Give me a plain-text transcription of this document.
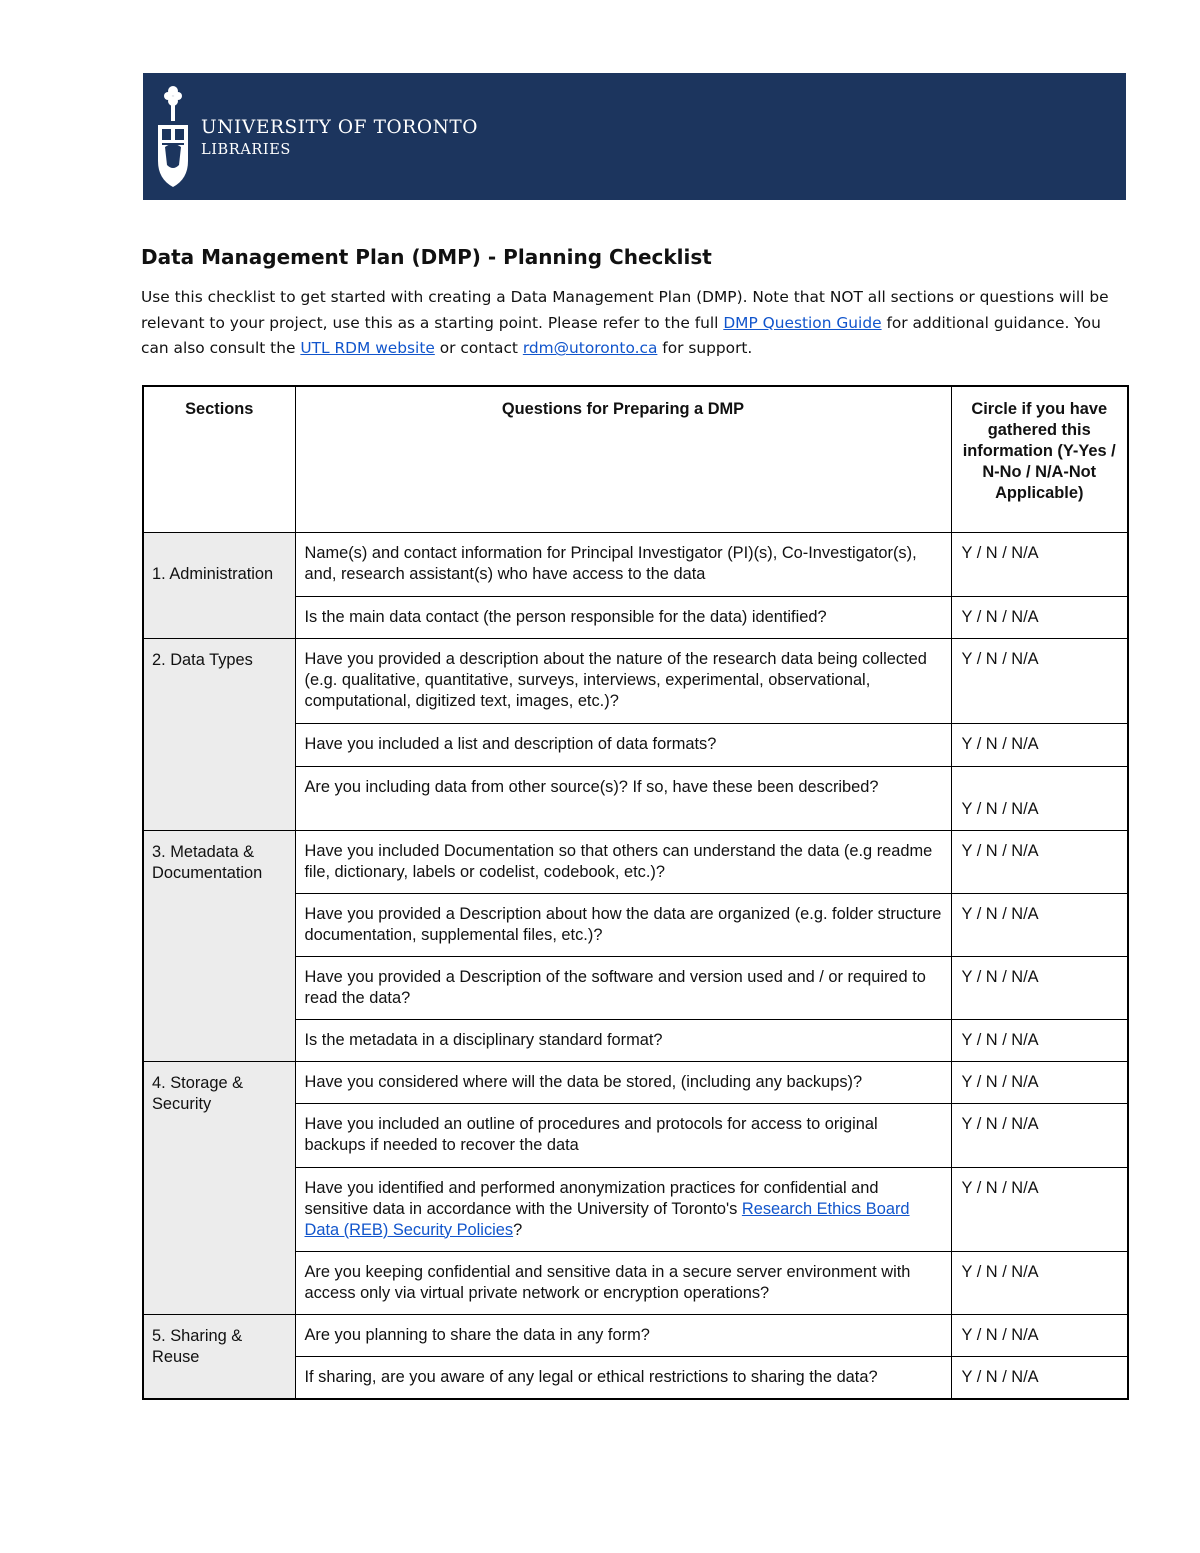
UNIVERSITY OF TORONTO
LIBRARIES
Data Management Plan (DMP) - Planning Checklist

Use this checklist to get started with creating a Data Management Plan (DMP). Note that NOT all sections or questions will be relevant to your project, use this as a starting point. Please refer to the full DMP Question Guide for additional guidance. You can also consult the UTL RDM website or contact rdm@utoronto.ca for support.

Sections	Questions for Preparing a DMP	Circle if you have gathered this information (Y-Yes / N-No / N/A-Not Applicable)

1. Administration	Name(s) and contact information for Principal Investigator (PI)(s), Co-Investigator(s), and, research assistant(s) who have access to the data	Y / N / N/A
	Is the main data contact (the person responsible for the data) identified?	Y / N / N/A

2. Data Types	Have you provided a description about the nature of the research data being collected (e.g. qualitative, quantitative, surveys, interviews, experimental, observational, computational, digitized text, images, etc.)?	Y / N / N/A
	Have you included a list and description of data formats?	Y / N / N/A
	Are you including data from other source(s)? If so, have these been described?	Y / N / N/A

3. Metadata & Documentation	Have you included Documentation so that others can understand the data (e.g readme file, dictionary, labels or codelist, codebook, etc.)?	Y / N / N/A
	Have you provided a Description about how the data are organized (e.g. folder structure documentation, supplemental files, etc.)?	Y / N / N/A
	Have you provided a Description of the software and version used and / or required to read the data?	Y / N / N/A
	Is the metadata in a disciplinary standard format?	Y / N / N/A

4. Storage & Security	Have you considered where will the data be stored, (including any backups)?	Y / N / N/A
	Have you included an outline of procedures and protocols for access to original backups if needed to recover the data	Y / N / N/A
	Have you identified and performed anonymization practices for confidential and sensitive data in accordance with the University of Toronto's Research Ethics Board Data (REB) Security Policies?	Y / N / N/A
	Are you keeping confidential and sensitive data in a secure server environment with access only via virtual private network or encryption operations?	Y / N / N/A

5. Sharing & Reuse	Are you planning to share the data in any form?	Y / N / N/A
	If sharing, are you aware of any legal or ethical restrictions to sharing the data?	Y / N / N/A
